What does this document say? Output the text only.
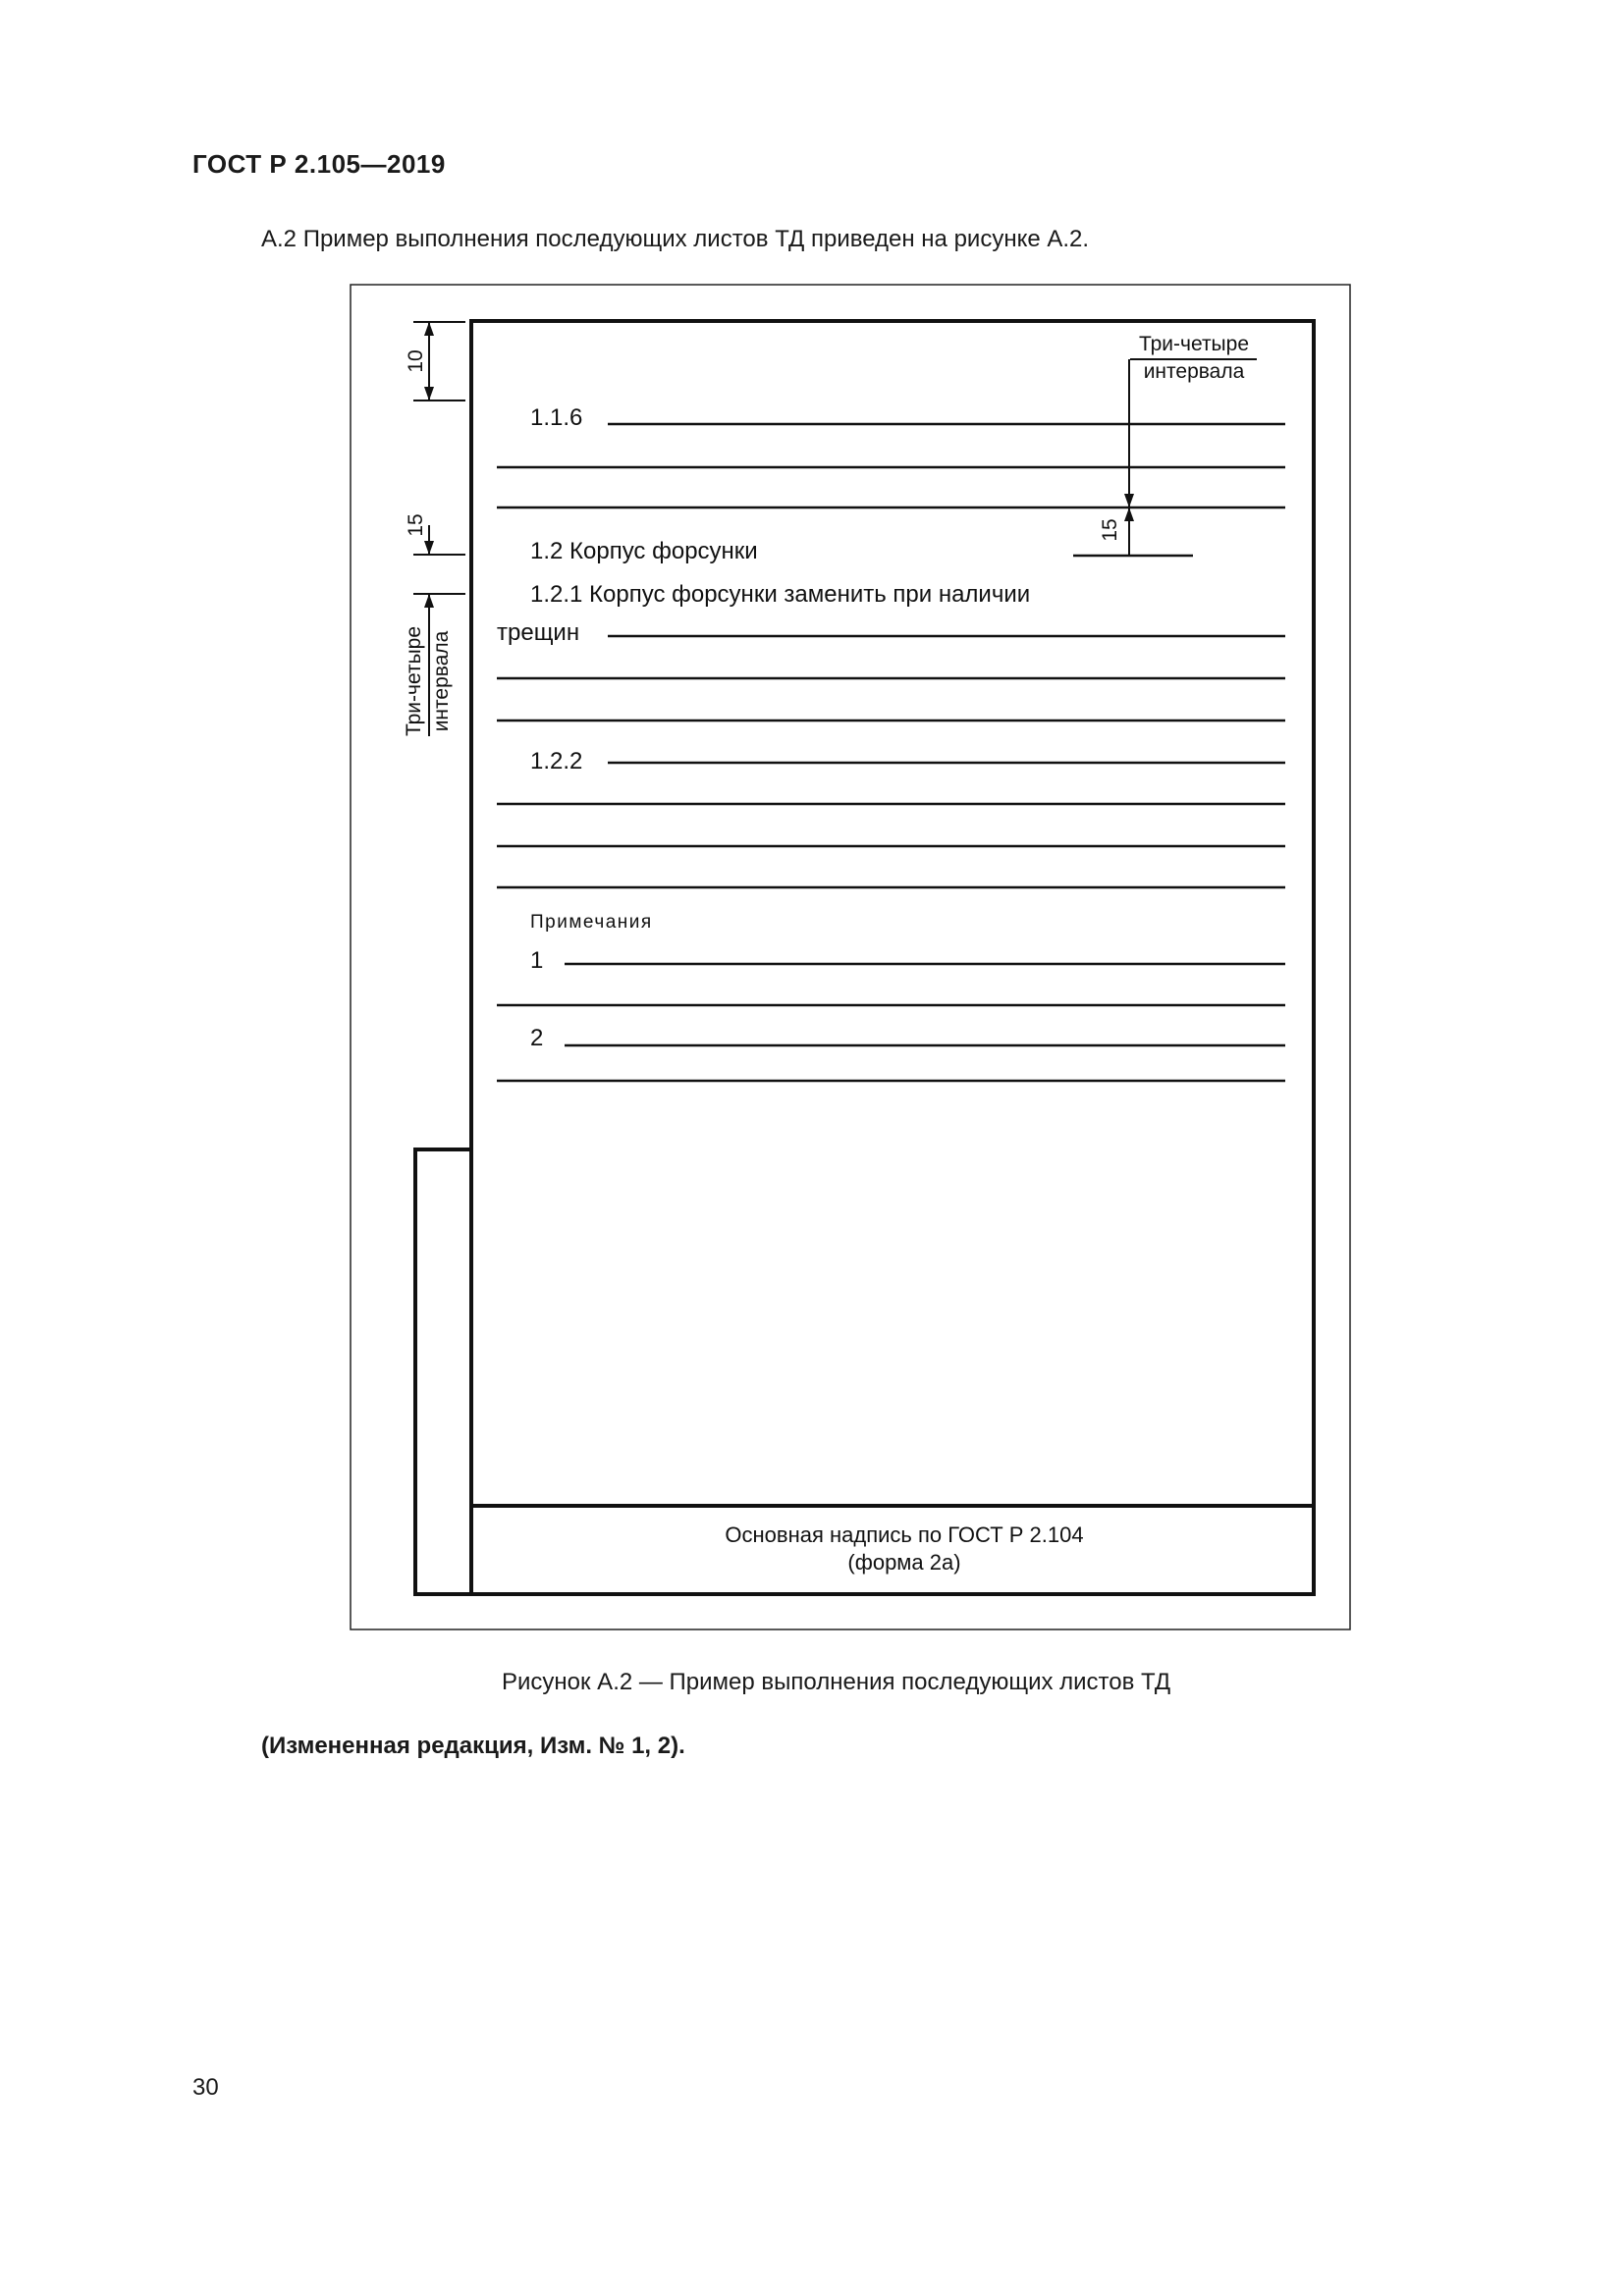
ГОСТ Р 2.105—2019
А.2 Пример выполнения последующих листов ТД приведен на рисунке А.2.
10
15
Три-четыре интервала
Три-четыре
интервала
15
1.1.6
1.2 Корпус форсунки
1.2.1 Корпус форсунки заменить при наличии
трещин
1.2.2
Примечания
1
2
Основная надпись по ГОСТ Р 2.104
(форма 2а)
Рисунок А.2 — Пример выполнения последующих листов ТД
(Измененная редакция, Изм. № 1, 2).
30
